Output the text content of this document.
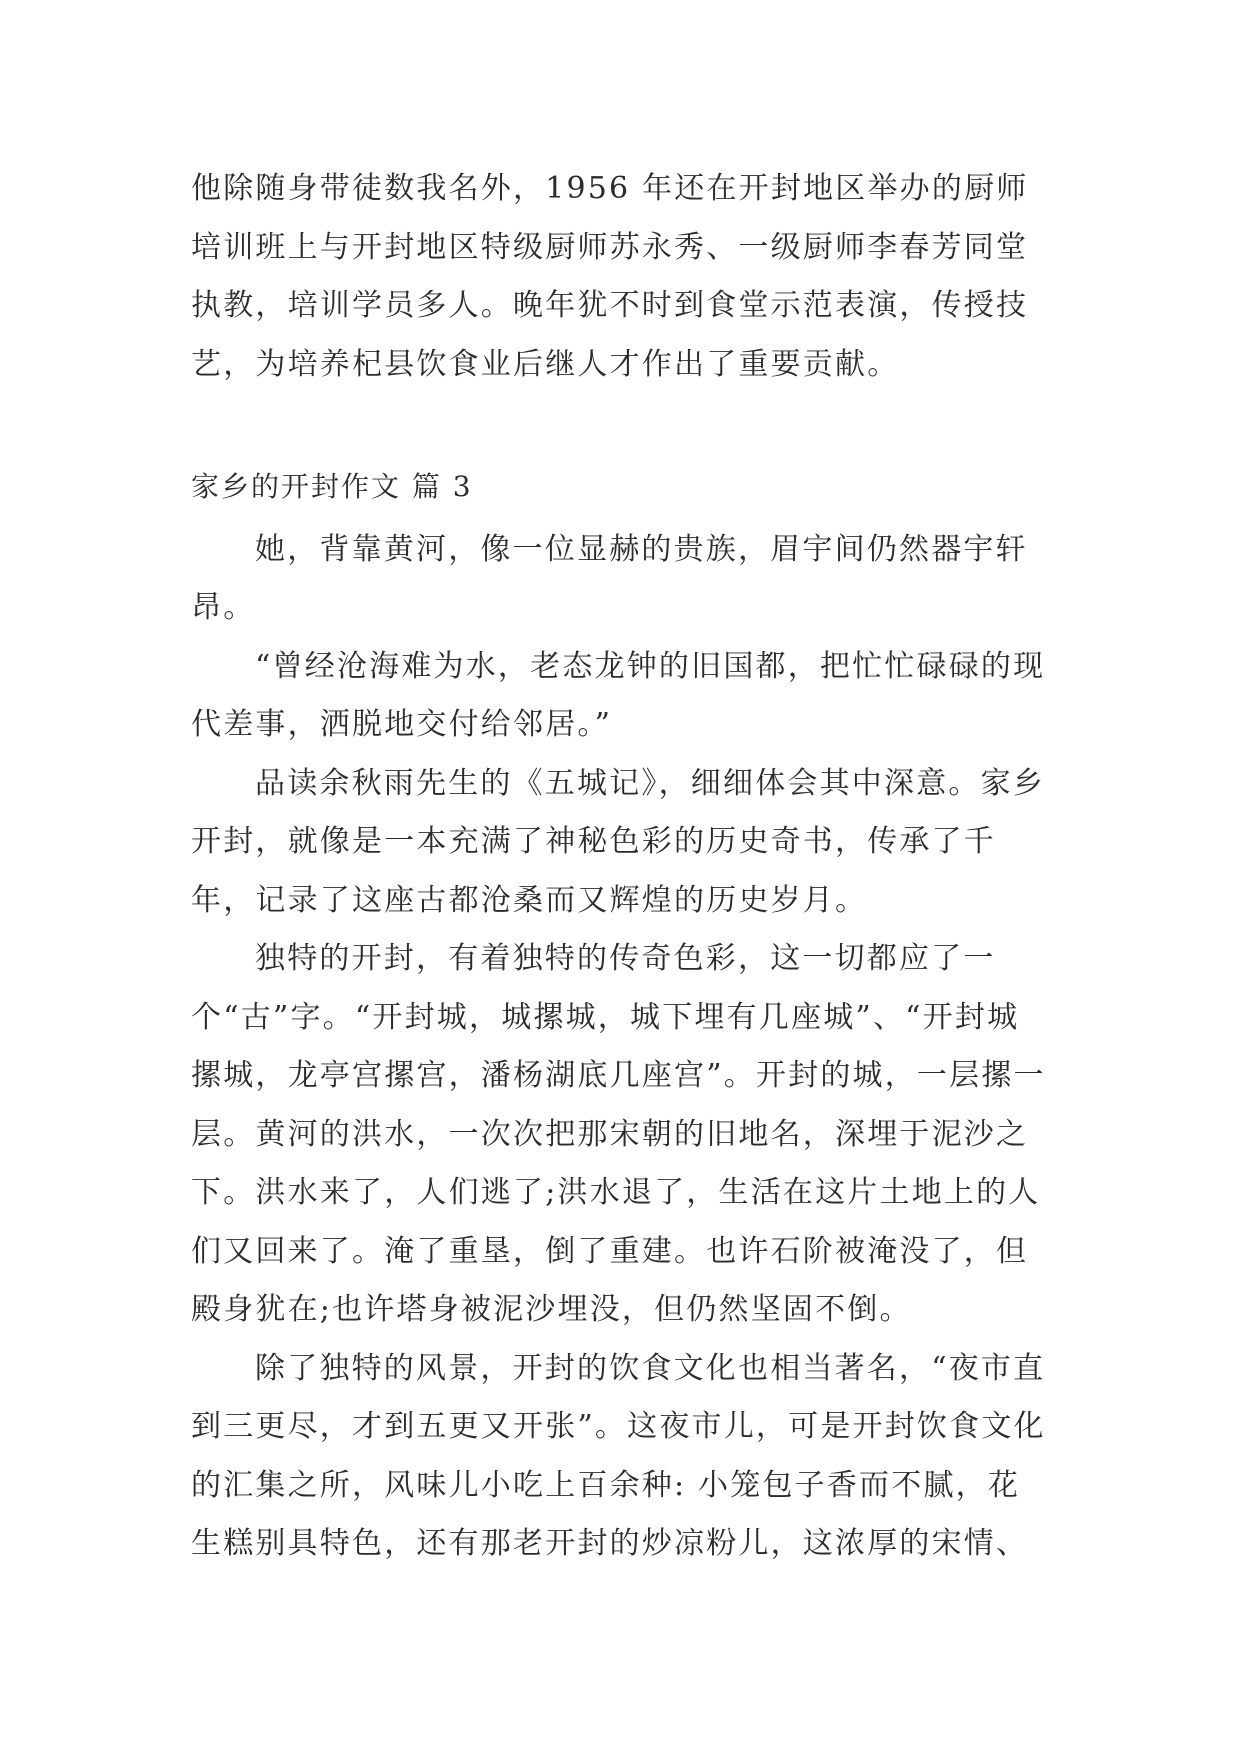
他除随身带徒数我名外，1956 年还在开封地区举办的厨师培训班上与开封地区特级厨师苏永秀、一级厨师李春芳同堂执教，培训学员多人。晚年犹不时到食堂示范表演，传授技艺，为培养杞县饮食业后继人才作出了重要贡献。

家乡的开封作文 篇 3

她，背靠黄河，像一位显赫的贵族，眉宇间仍然器宇轩昂。

“曾经沧海难为水，老态龙钟的旧国都，把忙忙碌碌的现代差事，洒脱地交付给邻居。”

品读余秋雨先生的《五城记》，细细体会其中深意。家乡开封，就像是一本充满了神秘色彩的历史奇书，传承了千年，记录了这座古都沧桑而又辉煌的历史岁月。

独特的开封，有着独特的传奇色彩，这一切都应了一个“古”字。“开封城，城摞城，城下埋有几座城”、“开封城摞城，龙亭宫摞宫，潘杨湖底几座宫”。开封的城，一层摞一层。黄河的洪水，一次次把那宋朝的旧地名，深埋于泥沙之下。洪水来了，人们逃了;洪水退了，生活在这片土地上的人们又回来了。淹了重垦，倒了重建。也许石阶被淹没了，但殿身犹在;也许塔身被泥沙埋没，但仍然坚固不倒。

除了独特的风景，开封的饮食文化也相当著名，“夜市直到三更尽，才到五更又开张”。这夜市儿，可是开封饮食文化的汇集之所，风味儿小吃上百余种: 小笼包子香而不腻，花生糕别具特色，还有那老开封的炒凉粉儿，这浓厚的宋情、
